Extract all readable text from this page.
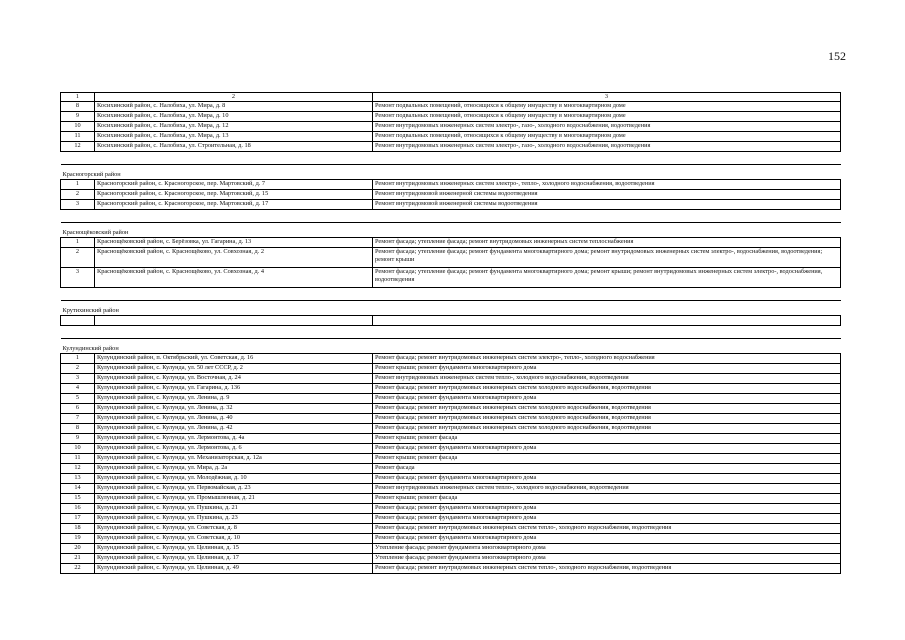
152
1	2	3
8	Косихинский район, с. Налобиха, ул. Мира, д. 8	Ремонт подвальных помещений, относящихся к общему имуществу в многоквартирном доме
9	Косихинский район, с. Налобиха, ул. Мира, д. 10	Ремонт подвальных помещений, относящихся к общему имуществу в многоквартирном доме
10	Косихинский район, с. Налобиха, ул. Мира, д. 12	Ремонт внутридомовых инженерных систем электро-, газо-, холодного водоснабжения, водоотведения
11	Косихинский район, с. Налобиха, ул. Мира, д. 13	Ремонт подвальных помещений, относящихся к общему имуществу в многоквартирном доме
12	Косихинский район, с. Налобиха, ул. Строительная, д. 18	Ремонт внутридомовых инженерных систем электро-, газо-, холодного водоснабжения, водоотведения

Красногорский район		
1	Красногорский район, с. Красногорское, пер. Мартовский, д. 7	Ремонт внутридомовых инженерных систем электро-, тепло-, холодного водоснабжения, водоотведения
2	Красногорский район, с. Красногорское, пер. Мартовский, д. 15	Ремонт внутридомовой инженерной системы водоотведения
3	Красногорский район, с. Красногорское, пер. Мартовский, д. 17	Ремонт внутридомовой инженерной системы водоотведения

Краснощёковский район		
1	Краснощёковский район, с. Берёзовка, ул. Гагарина, д. 13	Ремонт фасада; утепление фасада; ремонт внутридомовых инженерных систем теплоснабжения
2	Краснощёковский район, с. Краснощёково, ул. Совхозная, д. 2	Ремонт фасада; утепление фасада; ремонт фундамента многоквартирного дома; ремонт внутридомовых инженерных систем электро-, водоснабжения, водоотведения; ремонт крыши
3	Краснощёковский район, с. Краснощёково, ул. Совхозная, д. 4	Ремонт фасада; утепление фасада; ремонт фундамента многоквартирного дома; ремонт крыши; ремонт внутридомовых инженерных систем электро-, водоснабжения, водоотведения

Крутихинский район		

Кулундинский район		
1	Кулундинский район, п. Октябрьский, ул. Советская, д. 16	Ремонт фасада; ремонт внутридомовых инженерных систем электро-, тепло-, холодного водоснабжения
2	Кулундинский район, с. Кулунда, ул. 50 лет СССР, д. 2	Ремонт крыши; ремонт фундамента многоквартирного дома
3	Кулундинский район, с. Кулунда, ул. Восточная, д. 24	Ремонт внутридомовых инженерных систем тепло-, холодного водоснабжения, водоотведения
4	Кулундинский район, с. Кулунда, ул. Гагарина, д. 136	Ремонт фасада; ремонт внутридомовых инженерных систем холодного водоснабжения, водоотведения
5	Кулундинский район, с. Кулунда, ул. Ленина, д. 9	Ремонт фасада; ремонт фундамента многоквартирного дома
6	Кулундинский район, с. Кулунда, ул. Ленина, д. 32	Ремонт фасада; ремонт внутридомовых инженерных систем холодного водоснабжения, водоотведения
7	Кулундинский район, с. Кулунда, ул. Ленина, д. 40	Ремонт фасада; ремонт внутридомовых инженерных систем холодного водоснабжения, водоотведения
8	Кулундинский район, с. Кулунда, ул. Ленина, д. 42	Ремонт фасада; ремонт внутридомовых инженерных систем холодного водоснабжения, водоотведения
9	Кулундинский район, с. Кулунда, ул. Лермонтова, д. 4а	Ремонт крыши; ремонт фасада
10	Кулундинский район, с. Кулунда, ул. Лермонтова, д. 6	Ремонт фасада; ремонт фундамента многоквартирного дома
11	Кулундинский район, с. Кулунда, ул. Механизаторская, д. 12а	Ремонт крыши; ремонт фасада
12	Кулундинский район, с. Кулунда, ул. Мира, д. 2а	Ремонт фасада
13	Кулундинский район, с. Кулунда, ул. Молодёжная, д. 10	Ремонт фасада; ремонт фундамента многоквартирного дома
14	Кулундинский район, с. Кулунда, ул. Первомайская, д. 23	Ремонт внутридомовых инженерных систем тепло-, холодного водоснабжения, водоотведения
15	Кулундинский район, с. Кулунда, ул. Промышленная, д. 21	Ремонт крыши; ремонт фасада
16	Кулундинский район, с. Кулунда, ул. Пушкина, д. 21	Ремонт фасада; ремонт фундамента многоквартирного дома
17	Кулундинский район, с. Кулунда, ул. Пушкина, д. 23	Ремонт фасада; ремонт фундамента многоквартирного дома
18	Кулундинский район, с. Кулунда, ул. Советская, д. 8	Ремонт фасада; ремонт внутридомовых инженерных систем тепло-, холодного водоснабжения, водоотведения
19	Кулундинский район, с. Кулунда, ул. Советская, д. 10	Ремонт фасада; ремонт фундамента многоквартирного дома
20	Кулундинский район, с. Кулунда, ул. Целинная, д. 15	Утепление фасада; ремонт фундамента многоквартирного дома
21	Кулундинский район, с. Кулунда, ул. Целинная, д. 17	Утепление фасада; ремонт фундамента многоквартирного дома
22	Кулундинский район, с. Кулунда, ул. Целинная, д. 49	Ремонт фасада; ремонт внутридомовых инженерных систем тепло-, холодного водоснабжения, водоотведения
